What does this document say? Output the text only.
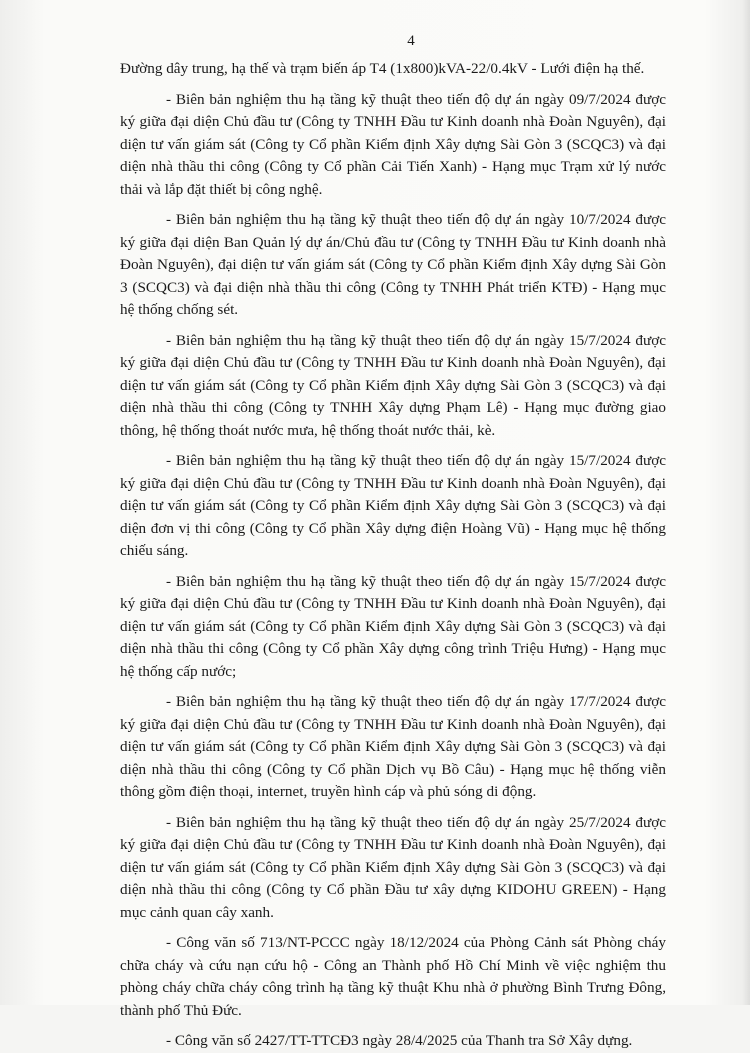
4

Đường dây trung, hạ thế và trạm biến áp T4 (1x800)kVA-22/0.4kV - Lưới điện hạ thế.

- Biên bản nghiệm thu hạ tầng kỹ thuật theo tiến độ dự án ngày 09/7/2024 được ký giữa đại diện Chủ đầu tư (Công ty TNHH Đầu tư Kinh doanh nhà Đoàn Nguyên), đại diện tư vấn giám sát (Công ty Cổ phần Kiểm định Xây dựng Sài Gòn 3 (SCQC3) và đại diện nhà thầu thi công (Công ty Cổ phần Cải Tiến Xanh) - Hạng mục Trạm xử lý nước thải và lắp đặt thiết bị công nghệ.

- Biên bản nghiệm thu hạ tầng kỹ thuật theo tiến độ dự án ngày 10/7/2024 được ký giữa đại diện Ban Quản lý dự án/Chủ đầu tư (Công ty TNHH Đầu tư Kinh doanh nhà Đoàn Nguyên), đại diện tư vấn giám sát (Công ty Cổ phần Kiểm định Xây dựng Sài Gòn 3 (SCQC3) và đại diện nhà thầu thi công (Công ty TNHH Phát triển KTĐ) - Hạng mục hệ thống chống sét.

- Biên bản nghiệm thu hạ tầng kỹ thuật theo tiến độ dự án ngày 15/7/2024 được ký giữa đại diện Chủ đầu tư (Công ty TNHH Đầu tư Kinh doanh nhà Đoàn Nguyên), đại diện tư vấn giám sát (Công ty Cổ phần Kiểm định Xây dựng Sài Gòn 3 (SCQC3) và đại diện nhà thầu thi công (Công ty TNHH Xây dựng Phạm Lê) - Hạng mục đường giao thông, hệ thống thoát nước mưa, hệ thống thoát nước thải, kè.

- Biên bản nghiệm thu hạ tầng kỹ thuật theo tiến độ dự án ngày 15/7/2024 được ký giữa đại diện Chủ đầu tư (Công ty TNHH Đầu tư Kinh doanh nhà Đoàn Nguyên), đại diện tư vấn giám sát (Công ty Cổ phần Kiểm định Xây dựng Sài Gòn 3 (SCQC3) và đại diện đơn vị thi công (Công ty Cổ phần Xây dựng điện Hoàng Vũ) - Hạng mục hệ thống chiếu sáng.

- Biên bản nghiệm thu hạ tầng kỹ thuật theo tiến độ dự án ngày 15/7/2024 được ký giữa đại diện Chủ đầu tư (Công ty TNHH Đầu tư Kinh doanh nhà Đoàn Nguyên), đại diện tư vấn giám sát (Công ty Cổ phần Kiểm định Xây dựng Sài Gòn 3 (SCQC3) và đại diện nhà thầu thi công (Công ty Cổ phần Xây dựng công trình Triệu Hưng) - Hạng mục hệ thống cấp nước;

- Biên bản nghiệm thu hạ tầng kỹ thuật theo tiến độ dự án ngày 17/7/2024 được ký giữa đại diện Chủ đầu tư (Công ty TNHH Đầu tư Kinh doanh nhà Đoàn Nguyên), đại diện tư vấn giám sát (Công ty Cổ phần Kiểm định Xây dựng Sài Gòn 3 (SCQC3) và đại diện nhà thầu thi công (Công ty Cổ phần Dịch vụ Bồ Câu) - Hạng mục hệ thống viễn thông gồm điện thoại, internet, truyền hình cáp và phủ sóng di động.

- Biên bản nghiệm thu hạ tầng kỹ thuật theo tiến độ dự án ngày 25/7/2024 được ký giữa đại diện Chủ đầu tư (Công ty TNHH Đầu tư Kinh doanh nhà Đoàn Nguyên), đại diện tư vấn giám sát (Công ty Cổ phần Kiểm định Xây dựng Sài Gòn 3 (SCQC3) và đại diện nhà thầu thi công (Công ty Cổ phần Đầu tư xây dựng KIDOHU GREEN) - Hạng mục cảnh quan cây xanh.

- Công văn số 713/NT-PCCC ngày 18/12/2024 của Phòng Cảnh sát Phòng cháy chữa cháy và cứu nạn cứu hộ - Công an Thành phố Hồ Chí Minh về việc nghiệm thu phòng cháy chữa cháy công trình hạ tầng kỹ thuật Khu nhà ở phường Bình Trưng Đông, thành phố Thủ Đức.

- Công văn số 2427/TT-TTCĐ3 ngày 28/4/2025 của Thanh tra Sở Xây dựng.
